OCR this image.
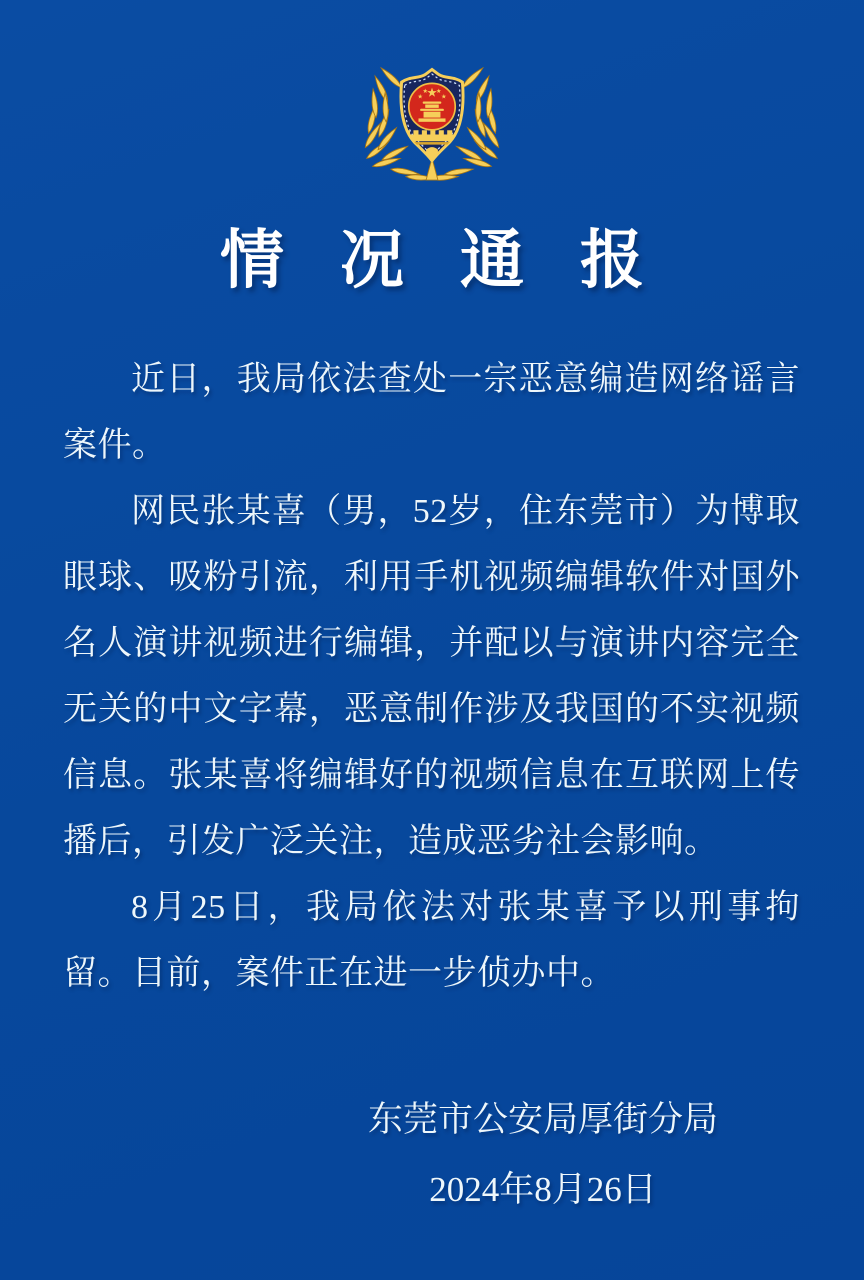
情 况 通 报

近日，我局依法查处一宗恶意编造网络谣言案件。

网民张某喜（男，52岁，住东莞市）为博取眼球、吸粉引流，利用手机视频编辑软件对国外名人演讲视频进行编辑，并配以与演讲内容完全无关的中文字幕，恶意制作涉及我国的不实视频信息。张某喜将编辑好的视频信息在互联网上传播后，引发广泛关注，造成恶劣社会影响。

8月25日，我局依法对张某喜予以刑事拘留。目前，案件正在进一步侦办中。

东莞市公安局厚街分局
2024年8月26日
